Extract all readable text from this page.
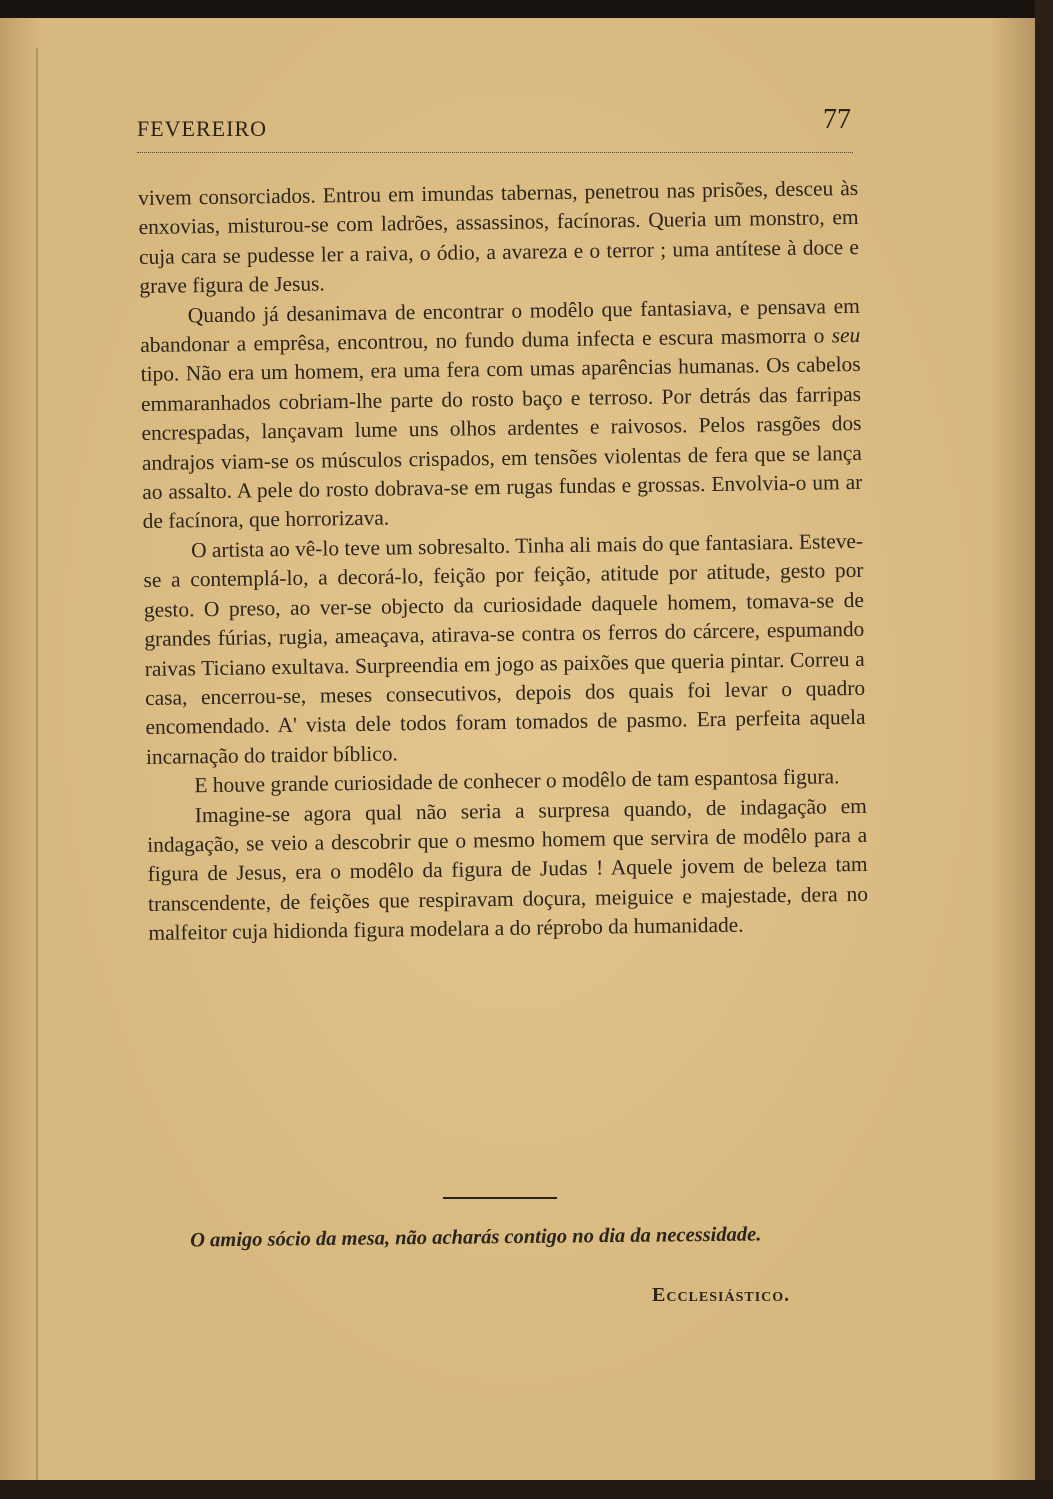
FEVEREIRO	77

vivem consorciados. Entrou em imundas tabernas, penetrou nas prisões, desceu às enxovias, misturou-se com ladrões, assassinos, facínoras. Queria um monstro, em cuja cara se pudesse ler a raiva, o ódio, a avareza e o terror ; uma antítese à doce e grave figura de Jesus.

Quando já desanimava de encontrar o modêlo que fantasiava, e pensava em abandonar a emprêsa, encontrou, no fundo duma infecta e escura masmorra o seu tipo. Não era um homem, era uma fera com umas aparências humanas. Os cabelos emmaranhados cobriam-lhe parte do rosto baço e terroso. Por detrás das farripas encrespadas, lançavam lume uns olhos ardentes e raivosos. Pelos rasgões dos andrajos viam-se os músculos crispados, em tensões violentas de fera que se lança ao assalto. A pele do rosto dobrava-se em rugas fundas e grossas. Envolvia-o um ar de facínora, que horrorizava.

O artista ao vê-lo teve um sobresalto. Tinha ali mais do que fantasiara. Esteve-se a contemplá-lo, a decorá-lo, feição por feição, atitude por atitude, gesto por gesto. O preso, ao ver-se objecto da curiosidade daquele homem, tomava-se de grandes fúrias, rugia, ameaçava, atirava-se contra os ferros do cárcere, espumando raivas Ticiano exultava. Surpreendia em jogo as paixões que queria pintar. Correu a casa, encerrou-se, meses consecutivos, depois dos quais foi levar o quadro encomendado. A' vista dele todos foram tomados de pasmo. Era perfeita aquela incarnação do traidor bíblico.

E houve grande curiosidade de conhecer o modêlo de tam espantosa figura.

Imagine-se agora qual não seria a surpresa quando, de indagação em indagação, se veio a descobrir que o mesmo homem que servira de modêlo para a figura de Jesus, era o modêlo da figura de Judas ! Aquele jovem de beleza tam transcendente, de feições que respiravam doçura, meiguice e majestade, dera no malfeitor cuja hidionda figura modelara a do réprobo da humanidade.

O amigo sócio da mesa, não acharás contigo no dia da necessidade.
Ecclesiástico.
